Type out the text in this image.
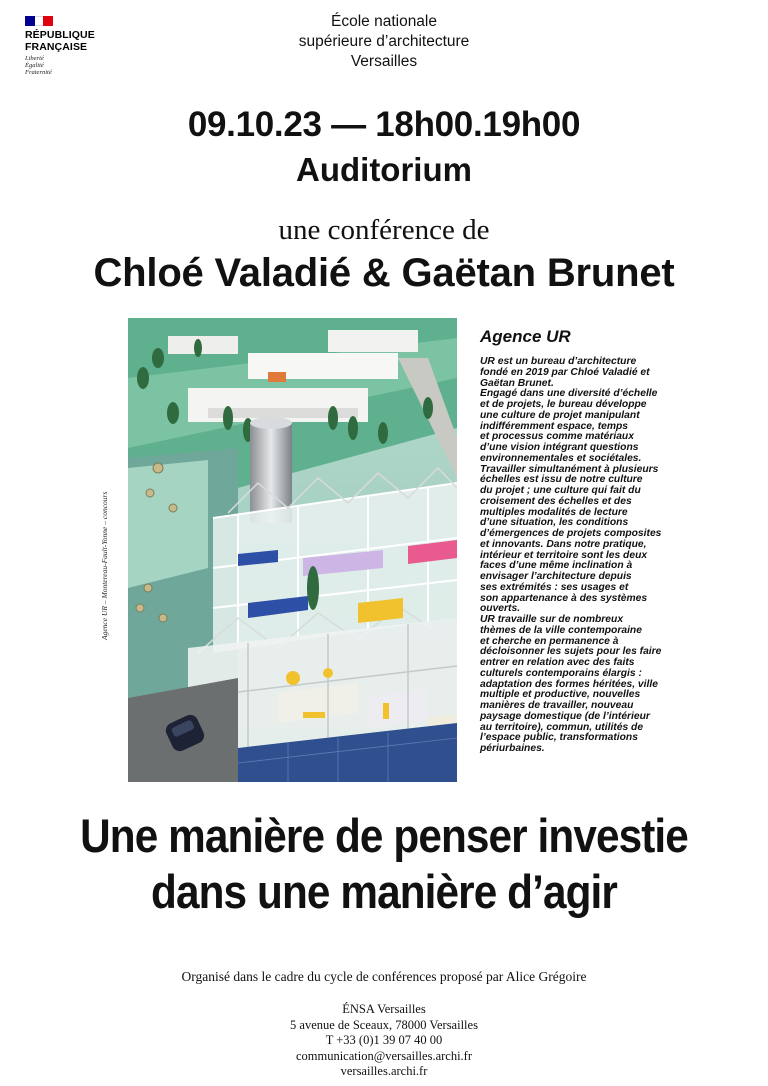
RÉPUBLIQUE
FRANÇAISE
Liberté
Égalité
Fraternité
École nationale
supérieure d’architecture
Versailles
09.10.23 — 18h00.19h00
Auditorium
une conférence de
Chloé Valadié & Gaëtan Brunet
Agence UR – Montereau-Fault-Yonne – concours
Agence UR
UR est un bureau d’architecture
fondé en 2019 par Chloé Valadié et
Gaëtan Brunet.
Engagé dans une diversité d’échelle
et de projets, le bureau développe
une culture de projet manipulant
indifféremment espace, temps
et processus comme matériaux
d’une vision intégrant questions
environnementales et sociétales.
Travailler simultanément à plusieurs
échelles est issu de notre culture
du projet ; une culture qui fait du
croisement des échelles et des
multiples modalités de lecture
d’une situation, les conditions
d’émergences de projets composites
et innovants. Dans notre pratique,
intérieur et territoire sont les deux
faces d’une même inclination à
envisager l’architecture depuis
ses extrémités : ses usages et
son appartenance à des systèmes
ouverts.
UR travaille sur de nombreux
thèmes de la ville contemporaine
et cherche en permanence à
décloisonner les sujets pour les faire
entrer en relation avec des faits
culturels contemporains élargis :
adaptation des formes héritées, ville
multiple et productive, nouvelles
manières de travailler, nouveau
paysage domestique (de l’intérieur
au territoire), commun, utilités de
l’espace public, transformations
périurbaines.
Une manière de penser investie
dans une manière d’agir
Organisé dans le cadre du cycle de conférences proposé par Alice Grégoire
ÉNSA Versailles
5 avenue de Sceaux, 78000 Versailles
T +33 (0)1 39 07 40 00
communication@versailles.archi.fr
versailles.archi.fr
